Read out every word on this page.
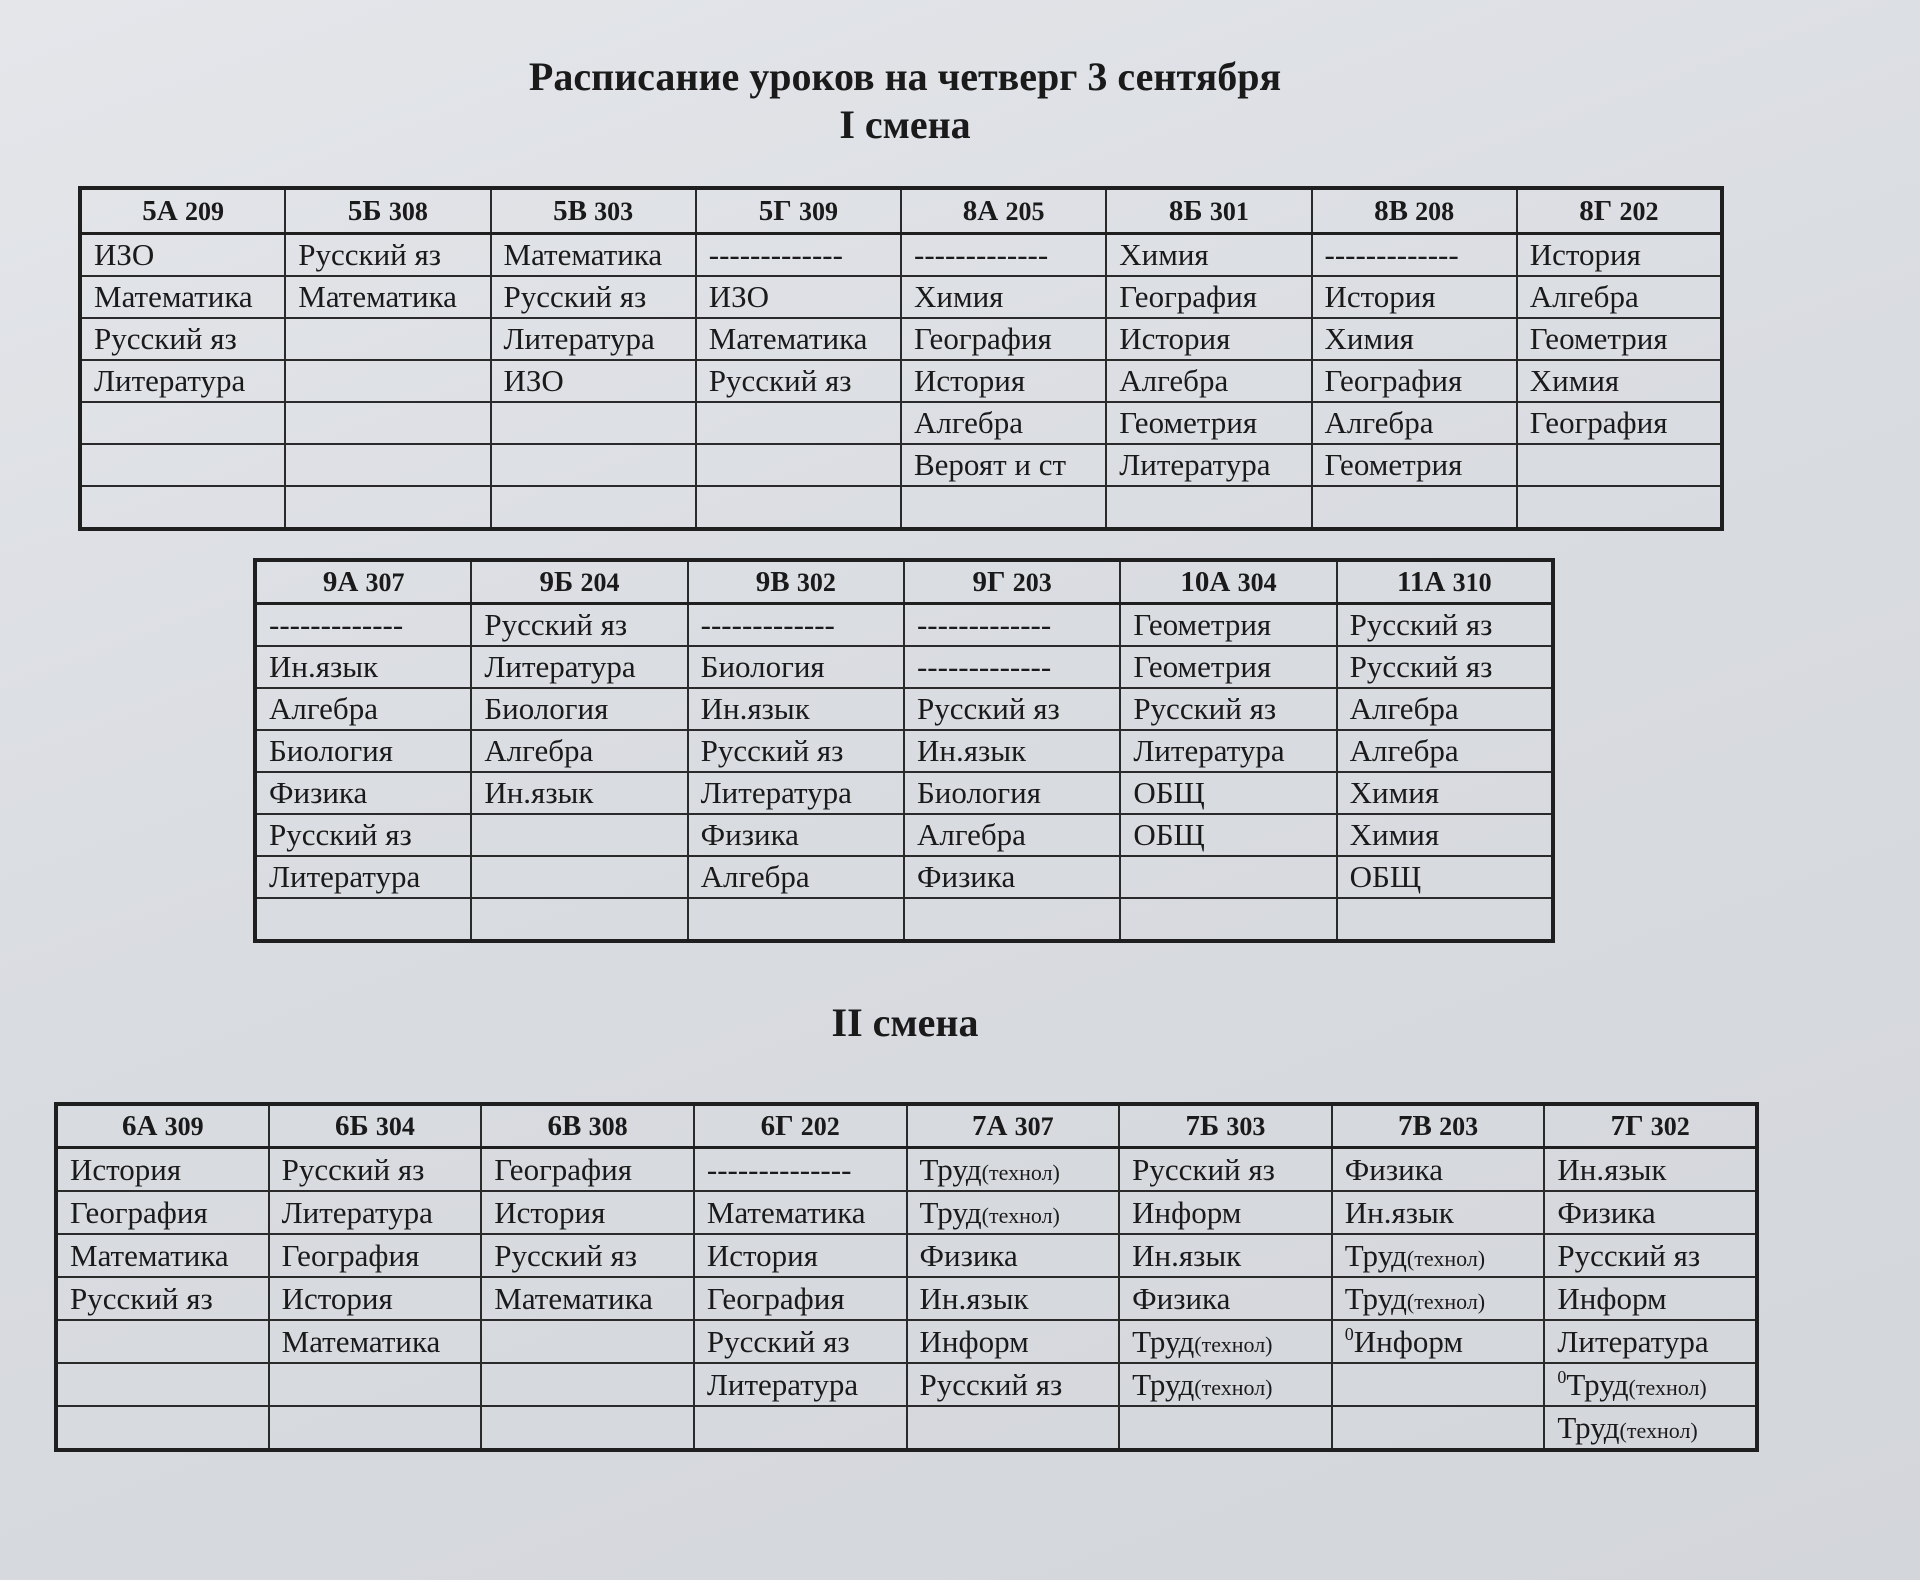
Расписание уроков на четверг 3 сентября
I смена
II смена
5А 209	5Б 308	5В 303	5Г 309	8А 205	8Б 301	8В 208	8Г 202
ИЗО	Русский яз	Математика	-------------	-------------	Химия	-------------	История
Математика	Математика	Русский яз	ИЗО	Химия	География	История	Алгебра
Русский яз		Литература	Математика	География	История	Химия	Геометрия
Литература		ИЗО	Русский яз	История	Алгебра	География	Химия
				Алгебра	Геометрия	Алгебра	География
				Вероят и ст	Литература	Геометрия	

9А 307	9Б 204	9В 302	9Г 203	10А 304	11А 310
-------------	Русский яз	-------------	-------------	Геометрия	Русский яз
Ин.язык	Литература	Биология	-------------	Геометрия	Русский яз
Алгебра	Биология	Ин.язык	Русский яз	Русский яз	Алгебра
Биология	Алгебра	Русский яз	Ин.язык	Литература	Алгебра
Физика	Ин.язык	Литература	Биология	ОБЩ	Химия
Русский яз		Физика	Алгебра	ОБЩ	Химия
Литература		Алгебра	Физика		ОБЩ

6А 309	6Б 304	6В 308	6Г 202	7А 307	7Б 303	7В 203	7Г 302
История	Русский яз	География	--------------	Труд(технол)	Русский яз	Физика	Ин.язык
География	Литература	История	Математика	Труд(технол)	Информ	Ин.язык	Физика
Математика	География	Русский яз	История	Физика	Ин.язык	Труд(технол)	Русский яз
Русский яз	История	Математика	География	Ин.язык	Физика	Труд(технол)	Информ
	Математика		Русский яз	Информ	Труд(технол)	$^0$Информ	Литература
			Литература	Русский яз	Труд(технол)		$^0$Труд(технол)
							Труд(технол)
